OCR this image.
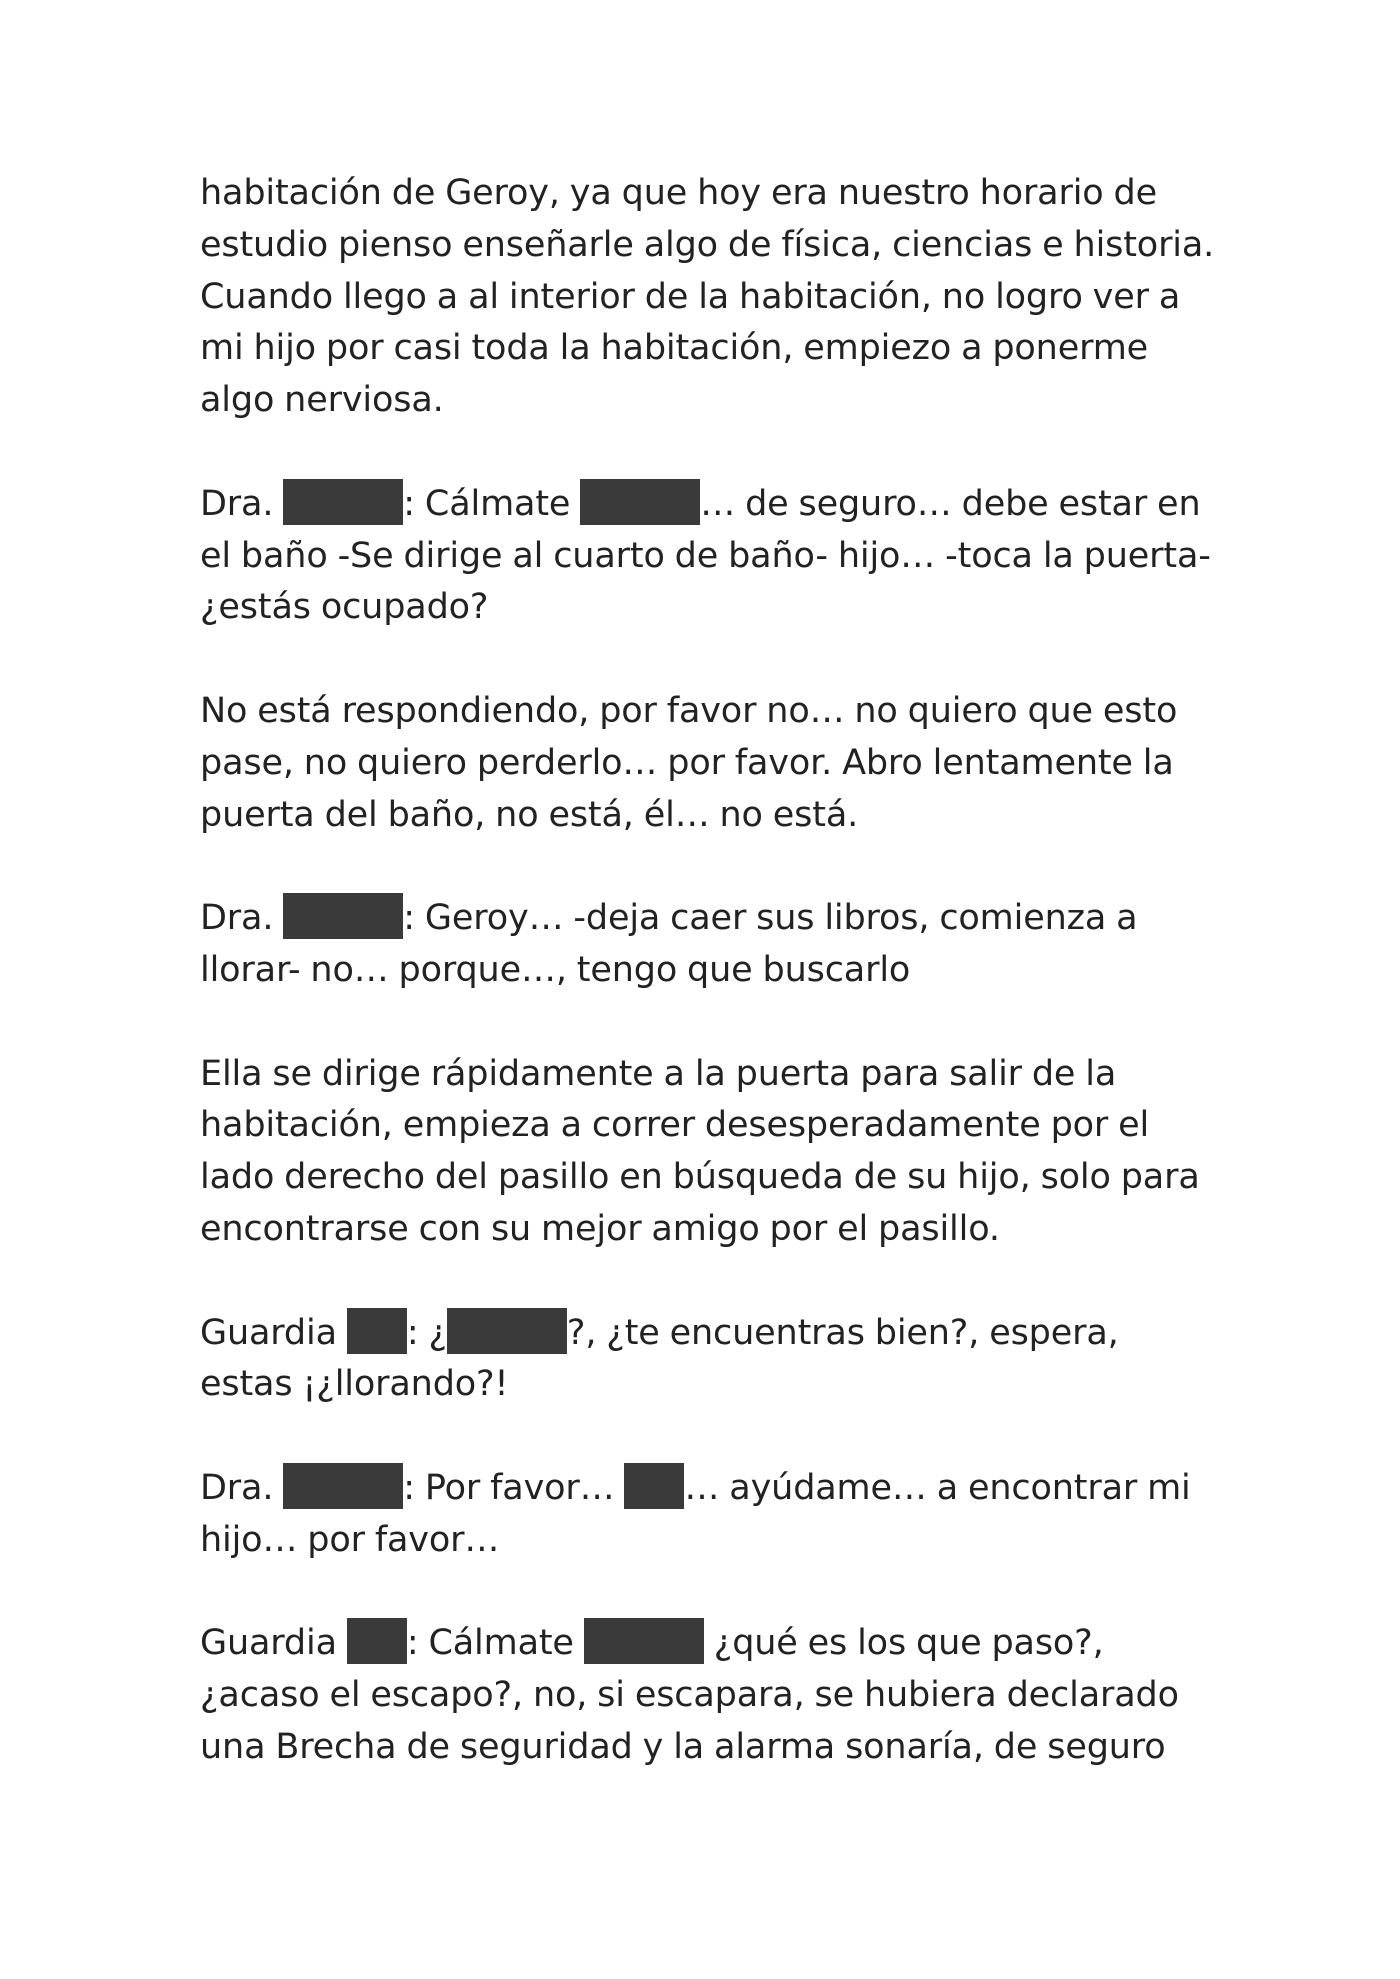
habitación de Geroy, ya que hoy era nuestro horario de
estudio pienso enseñarle algo de física, ciencias e historia.
Cuando llego a al interior de la habitación, no logro ver a
mi hijo por casi toda la habitación, empiezo a ponerme
algo nerviosa.
Dra.	: Cálmate	… de seguro… debe estar en
el baño -Se dirige al cuarto de baño- hijo… -toca la puerta-
¿estás ocupado?
No está respondiendo, por favor no… no quiero que esto
pase, no quiero perderlo… por favor. Abro lentamente la
puerta del baño, no está, él… no está.
Dra.	: Geroy… -deja caer sus libros, comienza a
llorar- no… porque…, tengo que buscarlo
Ella se dirige rápidamente a la puerta para salir de la
habitación, empieza a correr desesperadamente por el
lado derecho del pasillo en búsqueda de su hijo, solo para
encontrarse con su mejor amigo por el pasillo.
Guardia : ¿	?, ¿te encuentras bien?, espera,
estas ¡¿llorando?!
Dra.	: Por favor… … ayúdame… a encontrar mi
hijo… por favor…
Guardia : Cálmate	¿qué es los que paso?,
¿acaso el escapo?, no, si escapara, se hubiera declarado
una Brecha de seguridad y la alarma sonaría, de seguro
